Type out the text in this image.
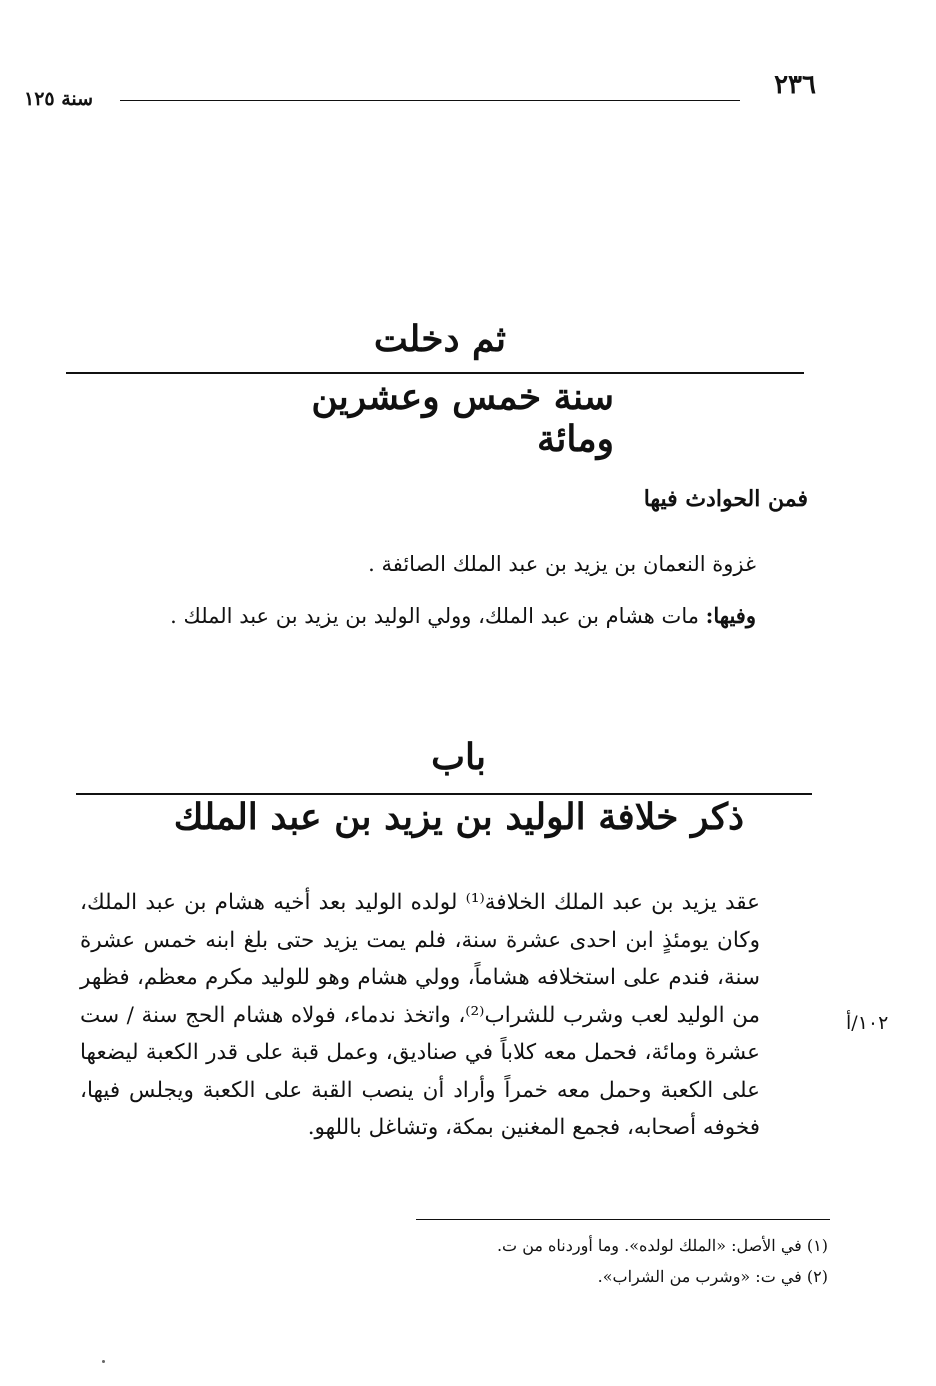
٢٣٦
سنة ١٢٥
ثم دخلت
سنة خمس وعشرين ومائة
فمن الحوادث فيها
غزوة النعمان بن يزيد بن عبد الملك الصائفة .
وفيها: مات هشام بن عبد الملك، وولي الوليد بن يزيد بن عبد الملك .
باب
ذكر خلافة الوليد بن يزيد بن عبد الملك
عقد يزيد بن عبد الملك الخلافة⁽¹⁾ لولده الوليد بعد أخيه هشام بن عبد الملك، وكان يومئذٍ ابن احدى عشرة سنة، فلم يمت يزيد حتى بلغ ابنه خمس عشرة سنة، فندم على استخلافه هشاماً، وولي هشام وهو للوليد مكرم معظم، فظهر من الوليد لعب وشرب للشراب⁽²⁾، واتخذ ندماء، فولاه هشام الحج سنة / ست عشرة ومائة، فحمل معه كلاباً في صناديق، وعمل قبة على قدر الكعبة ليضعها على الكعبة وحمل معه خمراً وأراد أن ينصب القبة على الكعبة ويجلس فيها، فخوفه أصحابه، فجمع المغنين بمكة، وتشاغل باللهو.
١٠٢/أ
(١) في الأصل: «الملك لولده». وما أوردناه من ت.
(٢) في ت: «وشرب من الشراب».
